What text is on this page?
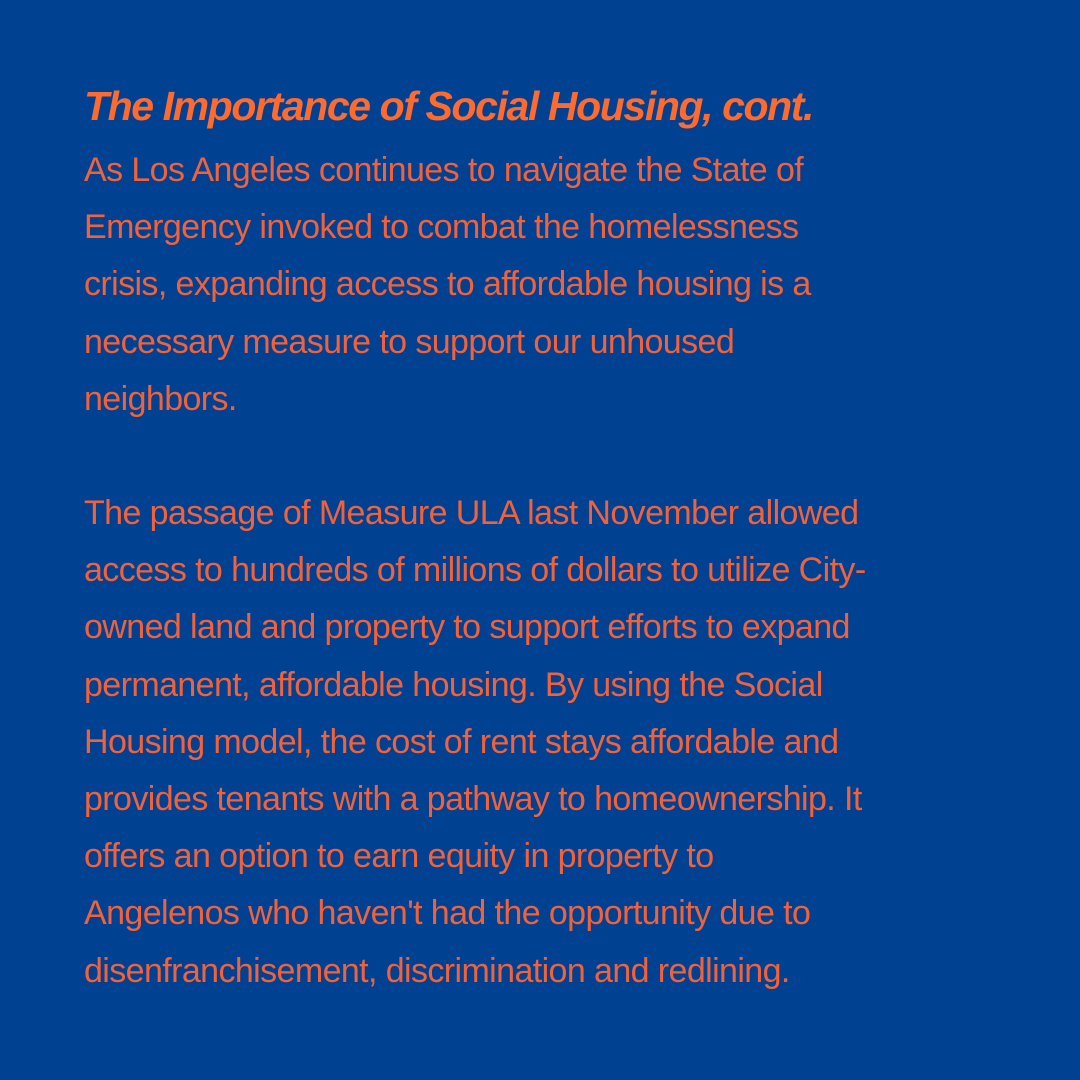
The Importance of Social Housing, cont.

As Los Angeles continues to navigate the State of
Emergency invoked to combat the homelessness
crisis, expanding access to affordable housing is a
necessary measure to support our unhoused
neighbors.

The passage of Measure ULA last November allowed
access to hundreds of millions of dollars to utilize City-
owned land and property to support efforts to expand
permanent, affordable housing. By using the Social
Housing model, the cost of rent stays affordable and
provides tenants with a pathway to homeownership. It
offers an option to earn equity in property to
Angelenos who haven't had the opportunity due to
disenfranchisement, discrimination and redlining.
